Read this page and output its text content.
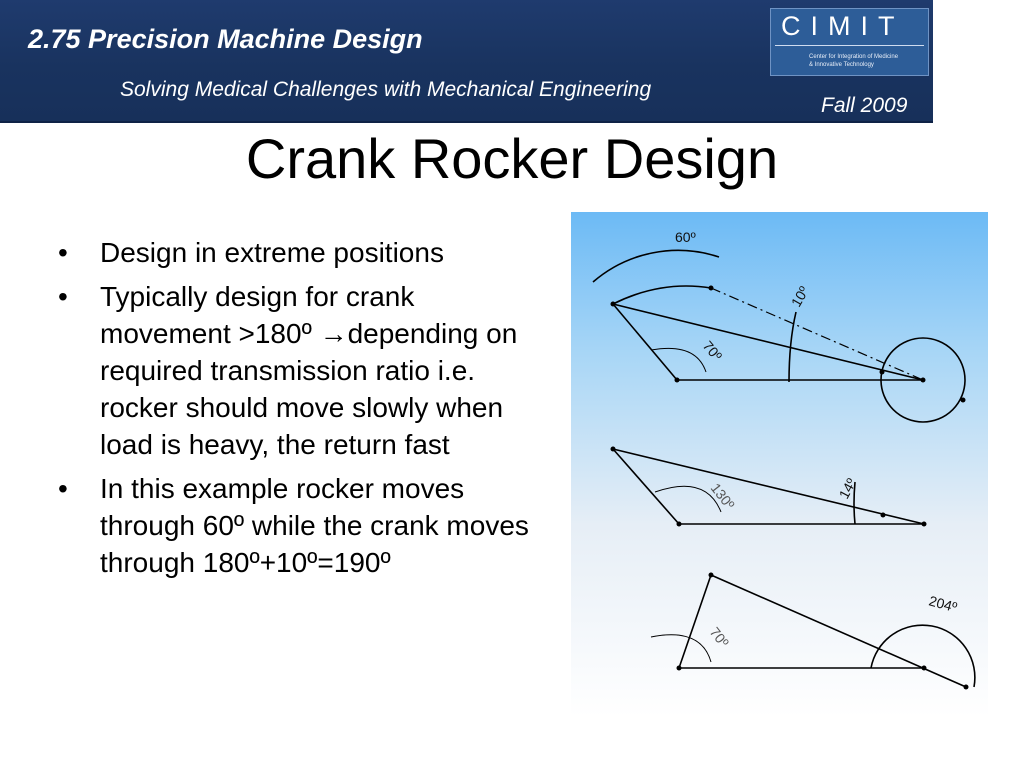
2.75 Precision Machine Design
Solving Medical Challenges with Mechanical Engineering
Fall 2009
CIMIT
Center for Integration of Medicine
& Innovative Technology
Crank Rocker Design
• Design in extreme positions
• Typically design for crank movement >180º →depending on required transmission ratio i.e. rocker should move slowly when load is heavy, the return fast
• In this example rocker moves through 60º while the crank moves through 180º+10º=190º
60º
10º
70º
130º	14º
70º
204º
